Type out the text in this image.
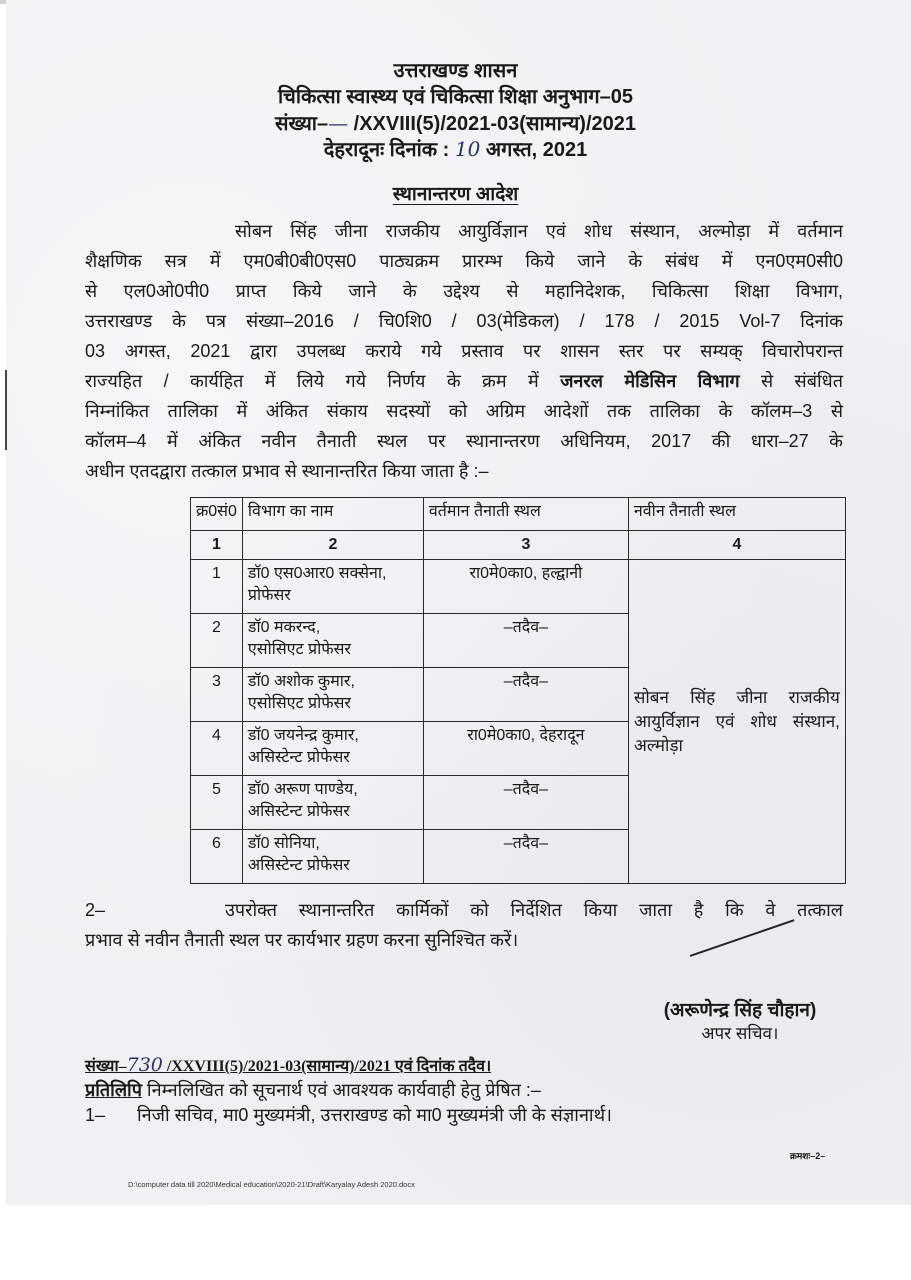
उत्तराखण्ड शासन
चिकित्सा स्वास्थ्य एवं चिकित्सा शिक्षा अनुभाग–05
संख्या–— /XXVIII(5)/2021-03(सामान्य)/2021
देहरादूनः दिनांक : 10 अगस्त, 2021
स्थानान्तरण आदेश
सोबन सिंह जीना राजकीय आयुर्विज्ञान एवं शोध संस्थान, अल्मोड़ा में वर्तमान
शैक्षणिक सत्र में एम0बी0बी0एस0 पाठ्यक्रम प्रारम्भ किये जाने के संबंध में एन0एम0सी0
से एल0ओ0पी0 प्राप्त किये जाने के उद्देश्य से महानिदेशक, चिकित्सा शिक्षा विभाग,
उत्तराखण्ड के पत्र संख्या–2016 / चि0शि0 / 03(मेडिकल) / 178 / 2015 Vol-7 दिनांक
03 अगस्त, 2021 द्वारा उपलब्ध कराये गये प्रस्ताव पर शासन स्तर पर सम्यक् विचारोपरान्त
राज्यहित / कार्यहित में लिये गये निर्णय के क्रम में जनरल मेडिसिन विभाग से संबंधित
निम्नांकित तालिका में अंकित संकाय सदस्यों को अग्रिम आदेशों तक तालिका के कॉलम–3 से
कॉलम–4 में अंकित नवीन तैनाती स्थल पर स्थानान्तरण अधिनियम, 2017 की धारा–27 के
अधीन एतदद्वारा तत्काल प्रभाव से स्थानान्तरित किया जाता है :–
क्र0सं0	विभाग का नाम	वर्तमान तैनाती स्थल	नवीन तैनाती स्थल
1	2	3	4
1	डॉ0 एस0आर0 सक्सेना,
प्रोफेसर	रा0मे0का0, हल्द्वानी	सोबन सिंह जीना राजकीय आयुर्विज्ञान एवं शोध संस्थान, अल्मोड़ा
2	डॉ0 मकरन्द,
एसोसिएट प्रोफेसर	–तदैव–	
3	डॉ0 अशोक कुमार,
एसोसिएट प्रोफेसर	–तदैव–	
4	डॉ0 जयनेन्द्र कुमार,
असिस्टेन्ट प्रोफेसर	रा0मे0का0, देहरादून	
5	डॉ0 अरूण पाण्डेय,
असिस्टेन्ट प्रोफेसर	–तदैव–	
6	डॉ0 सोनिया,
असिस्टेन्ट प्रोफेसर	–तदैव–	
2–	उपरोक्त स्थानान्तरित कार्मिकों को निर्देशित किया जाता है कि वे तत्काल
प्रभाव से नवीन तैनाती स्थल पर कार्यभार ग्रहण करना सुनिश्चित करें।
(अरूणेन्द्र सिंह चौहान)
अपर सचिव।
संख्या–730 /XXVIII(5)/2021-03(सामान्य)/2021 एवं दिनांक तदैव।
प्रतिलिपि निम्नलिखित को सूचनार्थ एवं आवश्यक कार्यवाही हेतु प्रेषित :–
1– निजी सचिव, मा0 मुख्यमंत्री, उत्तराखण्ड को मा0 मुख्यमंत्री जी के संज्ञानार्थ।
क्रमशः–2–
D:\computer data till 2020\Medical education\2020-21\Draft\Karyalay Adesh 2020.docx
